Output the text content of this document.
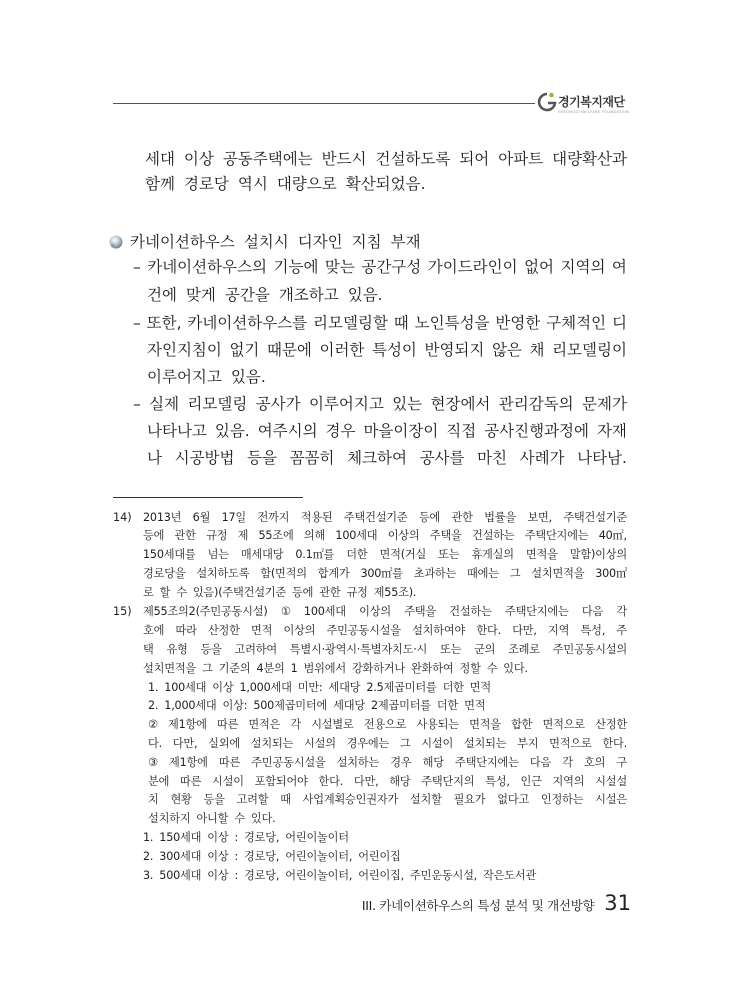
경기복지재단
GYEONGGI WELFARE FOUNDATION
세대 이상 공동주택에는 반드시 건설하도록 되어 아파트 대량확산과
함께 경로당 역시 대량으로 확산되었음.
카네이션하우스 설치시 디자인 지침 부재
– 카네이션하우스의 기능에 맞는 공간구성 가이드라인이 없어 지역의 여
건에 맞게 공간을 개조하고 있음.
– 또한, 카네이션하우스를 리모델링할 때 노인특성을 반영한 구체적인 디
자인지침이 없기 때문에 이러한 특성이 반영되지 않은 채 리모델링이
이루어지고 있음.
– 실제 리모델링 공사가 이루어지고 있는 현장에서 관리감독의 문제가
나타나고 있음. 여주시의 경우 마을이장이 직접 공사진행과정에 자재
나 시공방법 등을 꼼꼼히 체크하여 공사를 마친 사례가 나타남.
14) 2013년 6월 17일 전까지 적용된 주택건설기준 등에 관한 법률을 보면, 주택건설기준
등에 관한 규정 제 55조에 의해 100세대 이상의 주택을 건설하는 주택단지에는 40㎡,
150세대를 넘는 매세대당 0.1㎡를 더한 면적(거실 또는 휴게실의 면적을 말함)이상의
경로당을 설치하도록 함(면적의 합계가 300㎡를 초과하는 때에는 그 설치면적을 300㎡
로 할 수 있음)(주택건설기준 등에 관한 규정 제55조).
15) 제55조의2(주민공동시설) ① 100세대 이상의 주택을 건설하는 주택단지에는 다음 각
호에 따라 산정한 면적 이상의 주민공동시설을 설치하여야 한다. 다만, 지역 특성, 주
택 유형 등을 고려하여 특별시·광역시·특별자치도·시 또는 군의 조례로 주민공동시설의
설치면적을 그 기준의 4분의 1 범위에서 강화하거나 완화하여 정할 수 있다.
1. 100세대 이상 1,000세대 미만: 세대당 2.5제곱미터를 더한 면적
2. 1,000세대 이상: 500제곱미터에 세대당 2제곱미터를 더한 면적
② 제1항에 따른 면적은 각 시설별로 전용으로 사용되는 면적을 합한 면적으로 산정한
다. 다만, 실외에 설치되는 시설의 경우에는 그 시설이 설치되는 부지 면적으로 한다.
③ 제1항에 따른 주민공동시설을 설치하는 경우 해당 주택단지에는 다음 각 호의 구
분에 따른 시설이 포함되어야 한다. 다만, 해당 주택단지의 특성, 인근 지역의 시설설
치 현황 등을 고려할 때 사업계획승인권자가 설치할 필요가 없다고 인정하는 시설은
설치하지 아니할 수 있다.
1. 150세대 이상 : 경로당, 어린이놀이터
2. 300세대 이상 : 경로당, 어린이놀이터, 어린이집
3. 500세대 이상 : 경로당, 어린이놀이터, 어린이집, 주민운동시설, 작은도서관
III. 카네이션하우스의 특성 분석 및 개선방향 31
